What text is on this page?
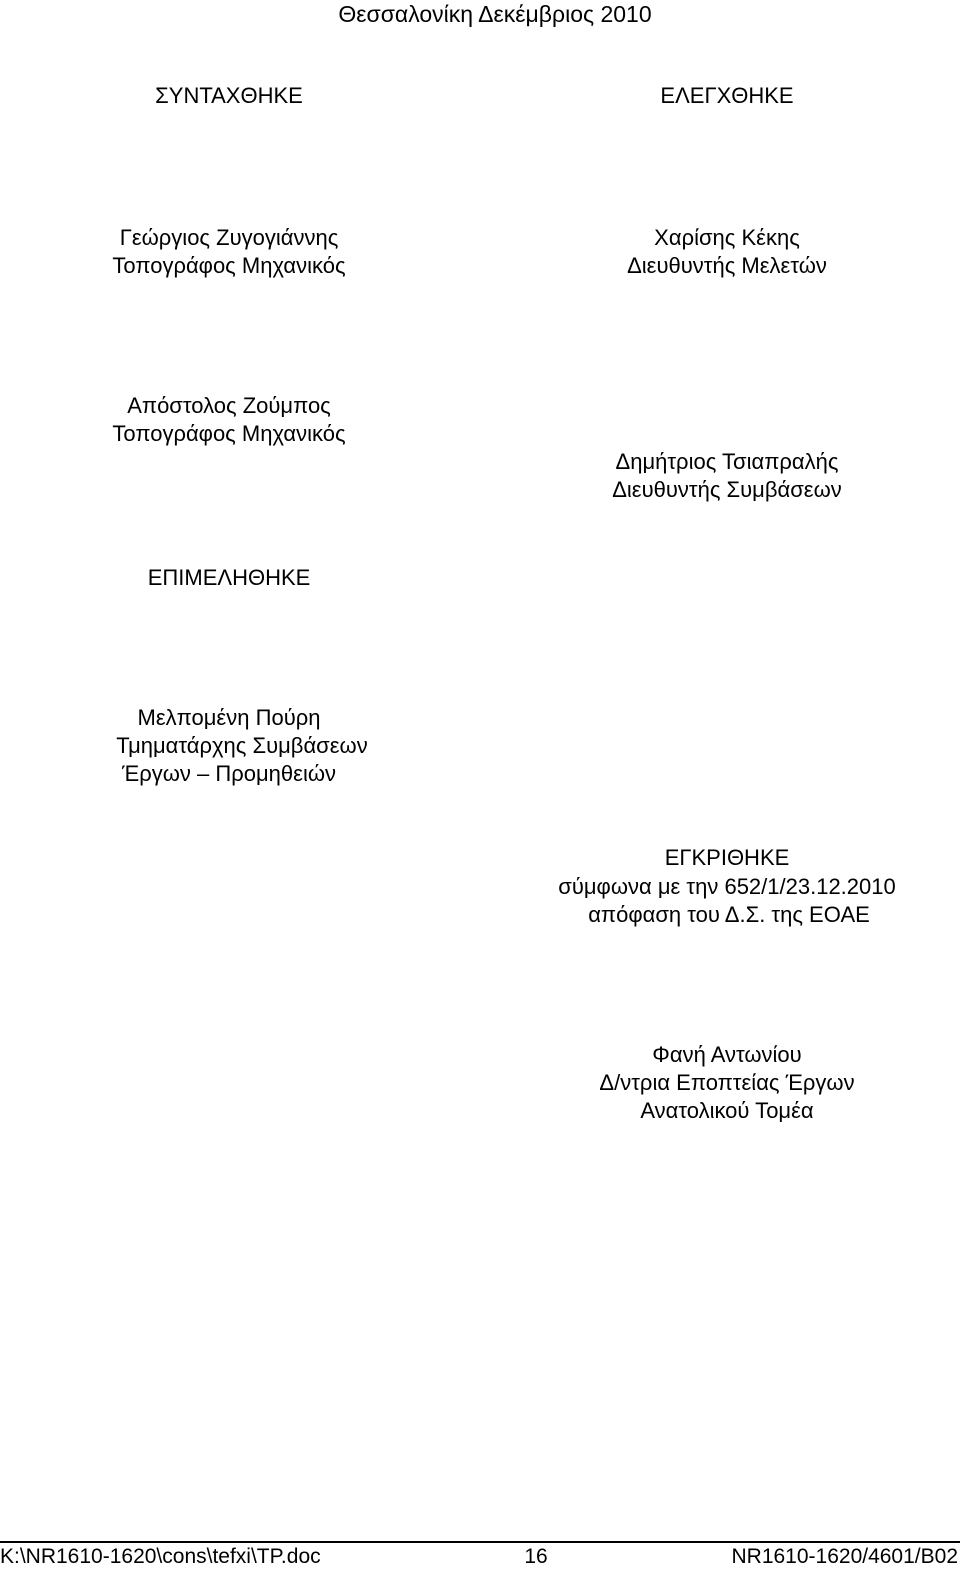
Θεσσαλονίκη Δεκέμβριος 2010
ΣΥΝΤΑΧΘΗΚΕ	ΕΛΕΓΧΘΗΚΕ
Γεώργιος Ζυγογιάννης
Τοπογράφος Μηχανικός
Χαρίσης Κέκης
Διευθυντής Μελετών
Απόστολος Ζούμπος
Τοπογράφος Μηχανικός
Δημήτριος Τσιαπραλής
Διευθυντής Συμβάσεων
ΕΠΙΜΕΛΗΘΗΚΕ
Μελπομένη Πούρη
Τμηματάρχης Συμβάσεων
Έργων – Προμηθειών
ΕΓΚΡΙΘΗΚΕ
σύμφωνα με την 652/1/23.12.2010
απόφαση του Δ.Σ. της ΕΟΑΕ
Φανή Αντωνίου
Δ/ντρια Εποπτείας Έργων
Ανατολικού Τομέα
K:\NR1610-1620\cons\tefxi\TP.doc	16	NR1610-1620/4601/B02
